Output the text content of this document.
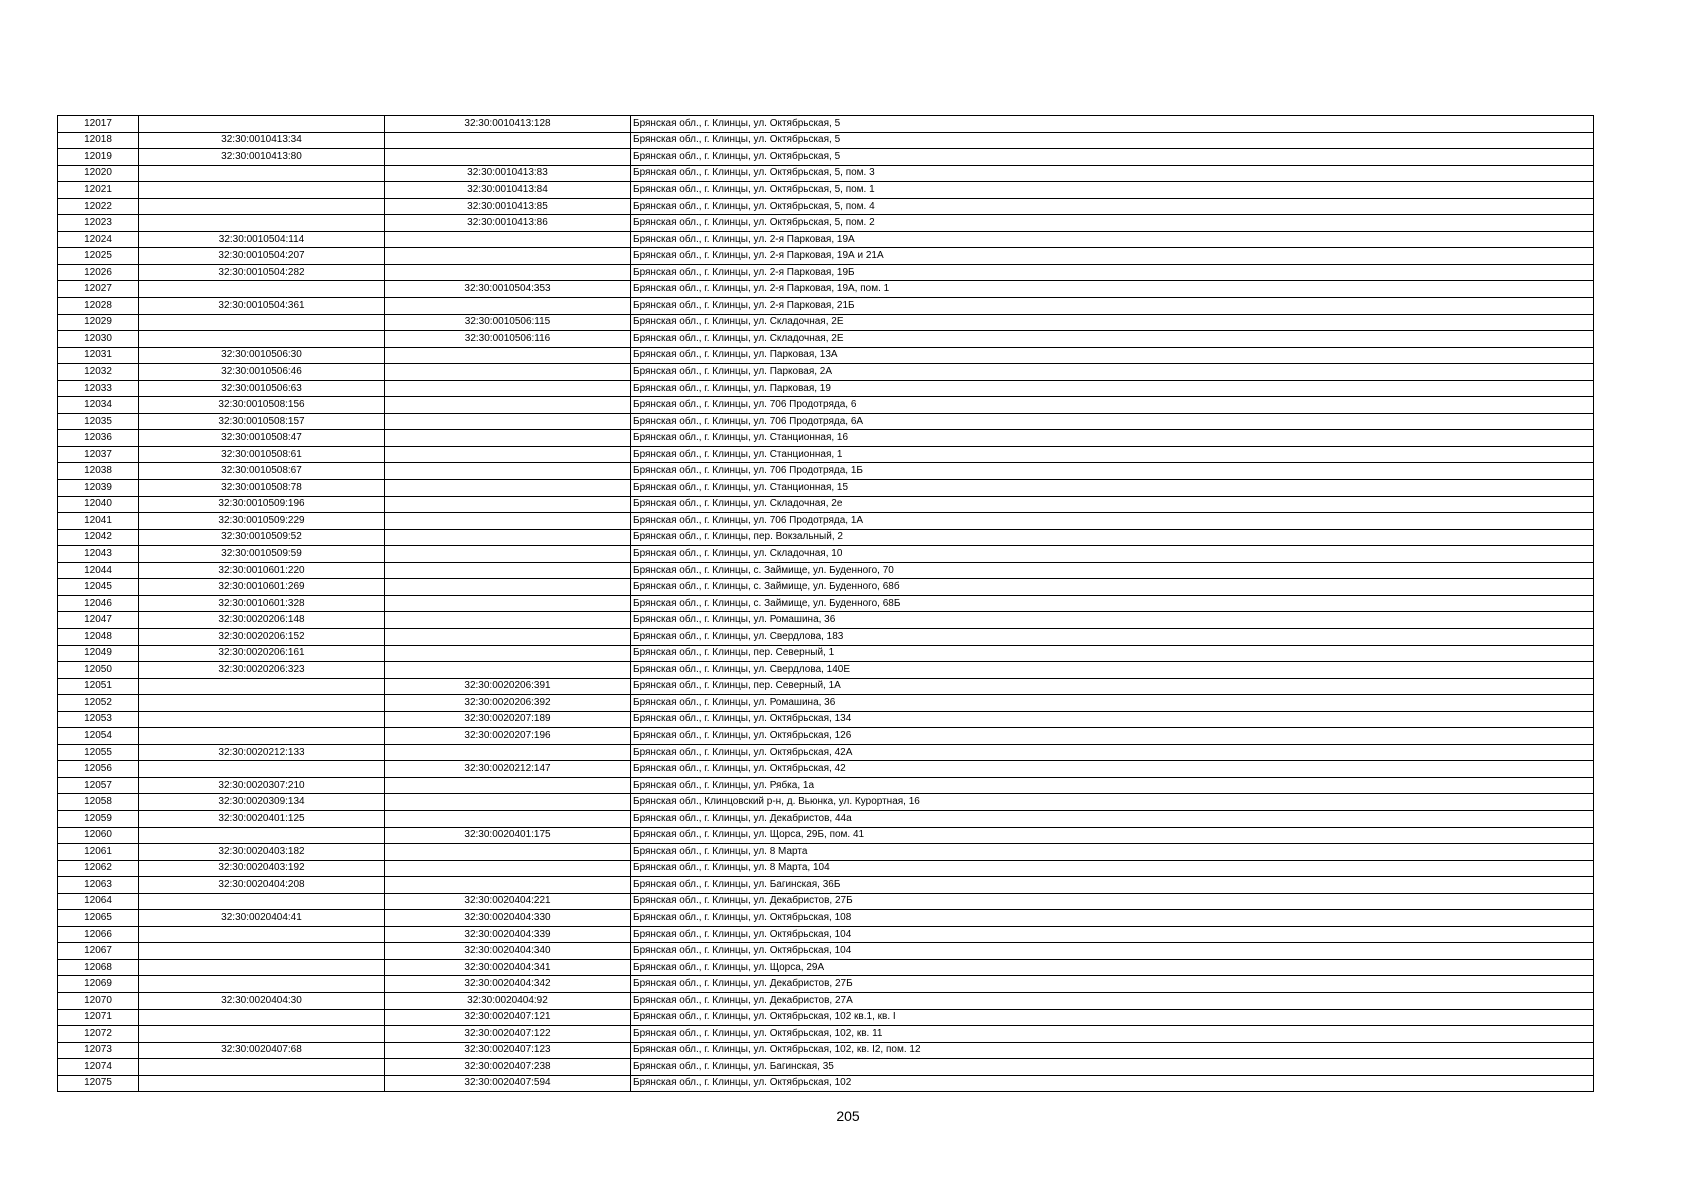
12017		32:30:0010413:128	Брянская обл., г. Клинцы, ул. Октябрьская, 5
12018	32:30:0010413:34		Брянская обл., г. Клинцы, ул. Октябрьская, 5
12019	32:30:0010413:80		Брянская обл., г. Клинцы, ул. Октябрьская, 5
12020		32:30:0010413:83	Брянская обл., г. Клинцы, ул. Октябрьская, 5, пом. 3
12021		32:30:0010413:84	Брянская обл., г. Клинцы, ул. Октябрьская, 5, пом. 1
12022		32:30:0010413:85	Брянская обл., г. Клинцы, ул. Октябрьская, 5, пом. 4
12023		32:30:0010413:86	Брянская обл., г. Клинцы, ул. Октябрьская, 5, пом. 2
12024	32:30:0010504:114		Брянская обл., г. Клинцы, ул. 2-я Парковая, 19А
12025	32:30:0010504:207		Брянская обл., г. Клинцы, ул. 2-я Парковая, 19А и 21А
12026	32:30:0010504:282		Брянская обл., г. Клинцы, ул. 2-я Парковая, 19Б
12027		32:30:0010504:353	Брянская обл., г. Клинцы, ул. 2-я Парковая, 19А, пом. 1
12028	32:30:0010504:361		Брянская обл., г. Клинцы, ул. 2-я Парковая, 21Б
12029		32:30:0010506:115	Брянская обл., г. Клинцы, ул. Складочная, 2Е
12030		32:30:0010506:116	Брянская обл., г. Клинцы, ул. Складочная, 2Е
12031	32:30:0010506:30		Брянская обл., г. Клинцы, ул. Парковая, 13А
12032	32:30:0010506:46		Брянская обл., г. Клинцы, ул. Парковая, 2А
12033	32:30:0010506:63		Брянская обл., г. Клинцы, ул. Парковая, 19
12034	32:30:0010508:156		Брянская обл., г. Клинцы, ул. 706 Продотряда, 6
12035	32:30:0010508:157		Брянская обл., г. Клинцы, ул. 706 Продотряда, 6А
12036	32:30:0010508:47		Брянская обл., г. Клинцы, ул. Станционная, 16
12037	32:30:0010508:61		Брянская обл., г. Клинцы, ул. Станционная, 1
12038	32:30:0010508:67		Брянская обл., г. Клинцы, ул. 706 Продотряда, 1Б
12039	32:30:0010508:78		Брянская обл., г. Клинцы, ул. Станционная, 15
12040	32:30:0010509:196		Брянская обл., г. Клинцы, ул. Складочная, 2е
12041	32:30:0010509:229		Брянская обл., г. Клинцы, ул. 706 Продотряда, 1А
12042	32:30:0010509:52		Брянская обл., г. Клинцы, пер. Вокзальный, 2
12043	32:30:0010509:59		Брянская обл., г. Клинцы, ул. Складочная, 10
12044	32:30:0010601:220		Брянская обл., г. Клинцы, с. Займище, ул. Буденного, 70
12045	32:30:0010601:269		Брянская обл., г. Клинцы, с. Займище, ул. Буденного, 68б
12046	32:30:0010601:328		Брянская обл., г. Клинцы, с. Займище, ул. Буденного, 68Б
12047	32:30:0020206:148		Брянская обл., г. Клинцы, ул. Ромашина, 36
12048	32:30:0020206:152		Брянская обл., г. Клинцы, ул. Свердлова, 183
12049	32:30:0020206:161		Брянская обл., г. Клинцы, пер. Северный, 1
12050	32:30:0020206:323		Брянская обл., г. Клинцы, ул. Свердлова, 140Е
12051		32:30:0020206:391	Брянская обл., г. Клинцы, пер. Северный, 1А
12052		32:30:0020206:392	Брянская обл., г. Клинцы, ул. Ромашина, 36
12053		32:30:0020207:189	Брянская обл., г. Клинцы, ул. Октябрьская, 134
12054		32:30:0020207:196	Брянская обл., г. Клинцы, ул. Октябрьская, 126
12055	32:30:0020212:133		Брянская обл., г. Клинцы, ул. Октябрьская, 42А
12056		32:30:0020212:147	Брянская обл., г. Клинцы, ул. Октябрьская, 42
12057	32:30:0020307:210		Брянская обл., г. Клинцы, ул. Рябка, 1а
12058	32:30:0020309:134		Брянская обл., Клинцовский р-н, д. Вьюнка, ул. Курортная, 16
12059	32:30:0020401:125		Брянская обл., г. Клинцы, ул. Декабристов, 44а
12060		32:30:0020401:175	Брянская обл., г. Клинцы, ул. Щорса, 29Б, пом. 41
12061	32:30:0020403:182		Брянская обл., г. Клинцы, ул. 8 Марта
12062	32:30:0020403:192		Брянская обл., г. Клинцы, ул. 8 Марта, 104
12063	32:30:0020404:208		Брянская обл., г. Клинцы, ул. Багинская, 36Б
12064		32:30:0020404:221	Брянская обл., г. Клинцы, ул. Декабристов, 27Б
12065	32:30:0020404:41	32:30:0020404:330	Брянская обл., г. Клинцы, ул. Октябрьская, 108
12066		32:30:0020404:339	Брянская обл., г. Клинцы, ул. Октябрьская, 104
12067		32:30:0020404:340	Брянская обл., г. Клинцы, ул. Октябрьская, 104
12068		32:30:0020404:341	Брянская обл., г. Клинцы, ул. Щорса, 29А
12069		32:30:0020404:342	Брянская обл., г. Клинцы, ул. Декабристов, 27Б
12070	32:30:0020404:30	32:30:0020404:92	Брянская обл., г. Клинцы, ул. Декабристов, 27А
12071		32:30:0020407:121	Брянская обл., г. Клинцы, ул. Октябрьская, 102 кв.1, кв. I
12072		32:30:0020407:122	Брянская обл., г. Клинцы, ул. Октябрьская, 102, кв. 11
12073	32:30:0020407:68	32:30:0020407:123	Брянская обл., г. Клинцы, ул. Октябрьская, 102, кв. I2, пом. 12
12074		32:30:0020407:238	Брянская обл., г. Клинцы, ул. Багинская, 35
12075		32:30:0020407:594	Брянская обл., г. Клинцы, ул. Октябрьская, 102
205
